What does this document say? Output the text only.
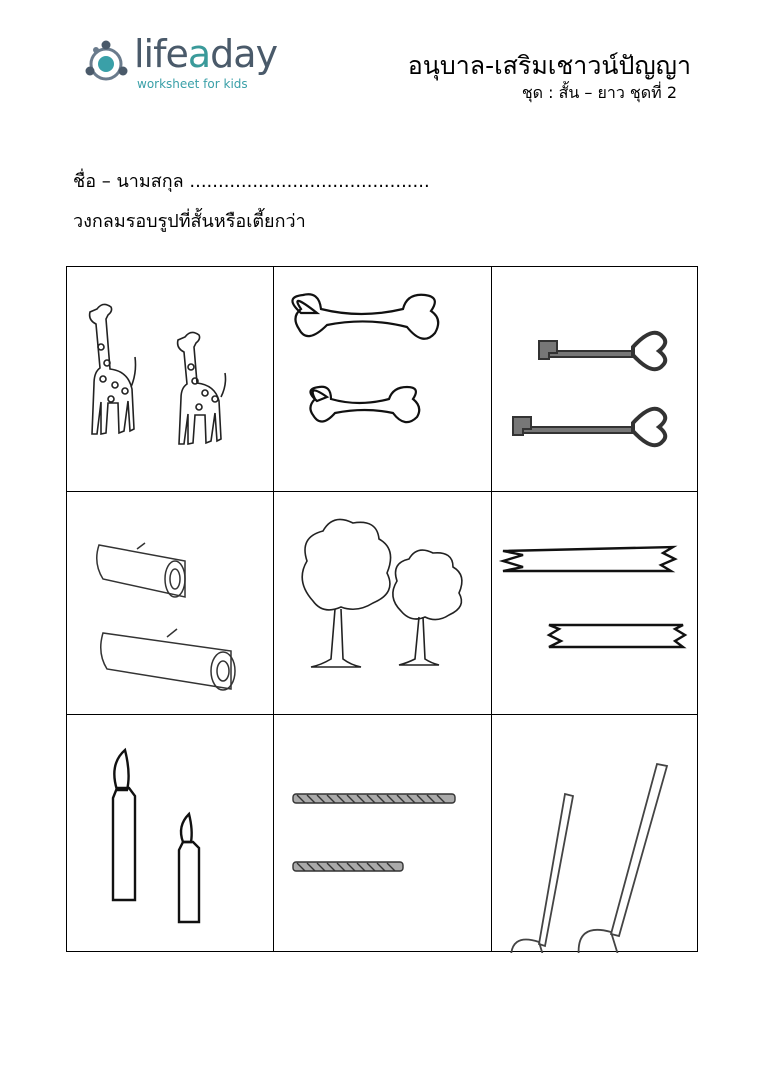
lifeaday
worksheet for kids
อนุบาล-เสริมเชาวน์ปัญญา
ชุด : สั้น – ยาว ชุดที่ 2
ชื่อ – นามสกุล ..........................................
วงกลมรอบรูปที่สั้นหรือเตี้ยกว่า
